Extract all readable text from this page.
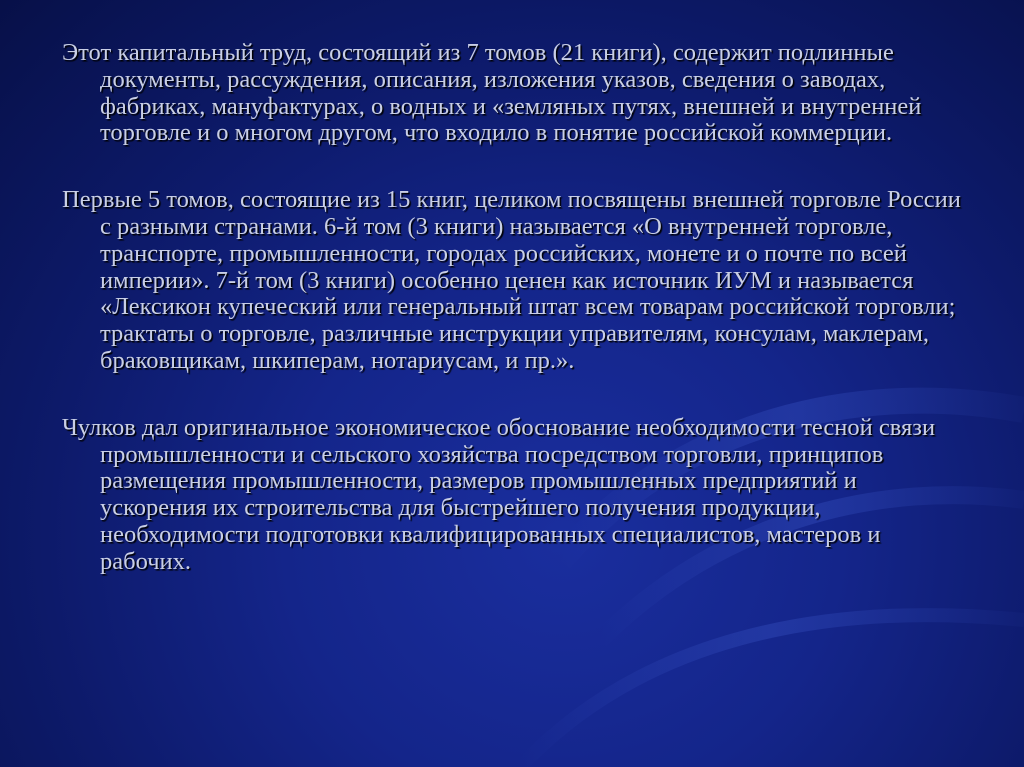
Этот капитальный труд, состоящий из 7 томов (21 книги), содержит подлинные документы, рассуждения, описания, изложения указов, сведения о заводах, фабриках, мануфактурах, о водных и «земляных путях, внешней и внутренней торговле и о многом другом, что входило в понятие российской коммерции.

Первые 5 томов, состоящие из 15 книг, целиком посвящены внешней торговле России с разными странами. 6-й том (3 книги) называется «О внутренней торговле, транспорте, промышленности, городах российских, монете и о почте по всей империи». 7-й том (3 книги) особенно ценен как источник ИУМ и называется «Лексикон купеческий или генеральный штат всем товарам российской торговли; трактаты о торговле, различные инструкции управителям, консулам, маклерам, браковщикам, шкиперам, нотариусам, и пр.».

Чулков дал оригинальное экономическое обоснование необходимости тесной связи промышленности и сельского хозяйства посредством торговли, принципов размещения промышленности, размеров промышленных предприятий и ускорения их строительства для быстрейшего получения продукции, необходимости подготовки квалифицированных специалистов, мастеров и рабочих.
